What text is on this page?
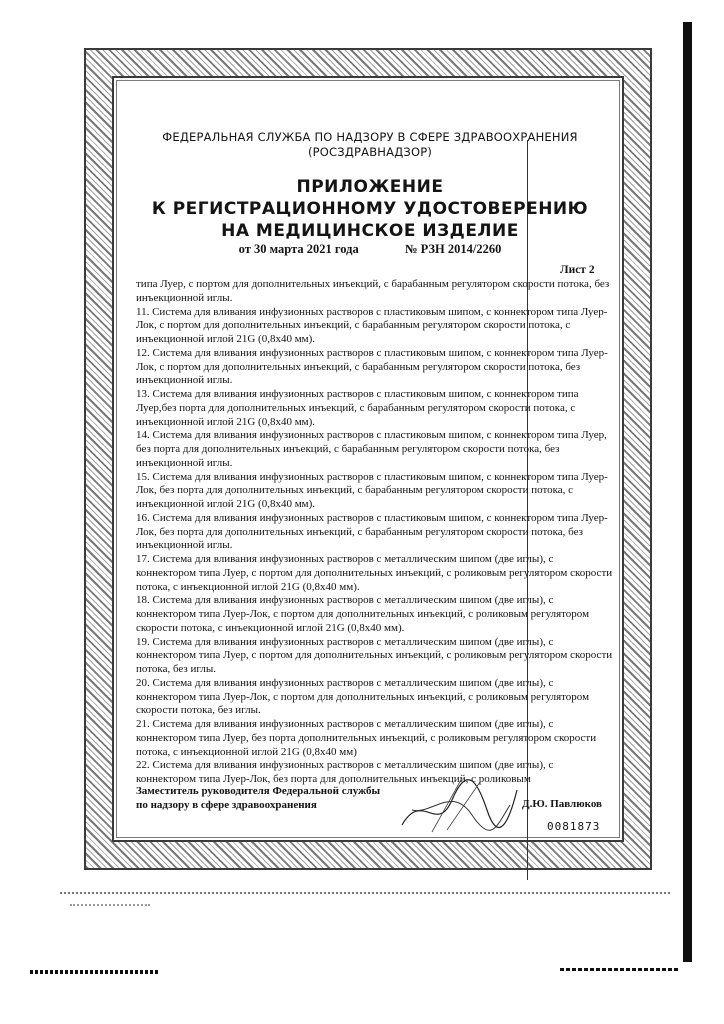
ФЕДЕРАЛЬНАЯ СЛУЖБА ПО НАДЗОРУ В СФЕРЕ ЗДРАВООХРАНЕНИЯ
(РОСЗДРАВНАДЗОР)
ПРИЛОЖЕНИЕ
К РЕГИСТРАЦИОННОМУ УДОСТОВЕРЕНИЮ
НА МЕДИЦИНСКОЕ ИЗДЕЛИЕ
от 30 марта 2021 года	№ РЗН 2014/2260
Лист 2

типа Луер, с портом для дополнительных инъекций, с барабанным регулятором скорости потока, без инъекционной иглы.

11. Система для вливания инфузионных растворов с пластиковым шипом, с коннектором типа Луер-Лок, с портом для дополнительных инъекций, с барабанным регулятором скорости потока, с инъекционной иглой 21G (0,8х40 мм).

12. Система для вливания инфузионных растворов с пластиковым шипом, с коннектором типа Луер-Лок, с портом для дополнительных инъекций, с барабанным регулятором скорости потока, без инъекционной иглы.

13. Система для вливания инфузионных растворов с пластиковым шипом, с коннектором типа Луер,без порта для дополнительных инъекций, с барабанным регулятором скорости потока, с инъекционной иглой 21G (0,8х40 мм).

14. Система для вливания инфузионных растворов с пластиковым шипом, с коннектором типа Луер, без порта для дополнительных инъекций, с барабанным регулятором скорости потока, без инъекционной иглы.

15. Система для вливания инфузионных растворов с пластиковым шипом, с коннектором типа Луер-Лок, без порта для дополнительных инъекций, с барабанным регулятором скорости потока, с инъекционной иглой 21G (0,8х40 мм).

16. Система для вливания инфузионных растворов с пластиковым шипом, с коннектором типа Луер-Лок, без порта для дополнительных инъекций, с барабанным регулятором скорости потока, без инъекционной иглы.

17. Система для вливания инфузионных растворов с металлическим шипом (две иглы), с коннектором типа Луер, с портом для дополнительных инъекций, с роликовым регулятором скорости потока, с инъекционной иглой 21G (0,8х40 мм).

18. Система для вливания инфузионных растворов с металлическим шипом (две иглы), с коннектором типа Луер-Лок, с портом для дополнительных инъекций, с роликовым регулятором скорости потока, с инъекционной иглой 21G (0,8х40 мм).

19. Система для вливания инфузионных растворов с металлическим шипом (две иглы), с коннектором типа Луер, с портом для дополнительных инъекций, с роликовым регулятором скорости потока, без иглы.

20. Система для вливания инфузионных растворов с металлическим шипом (две иглы), с коннектором типа Луер-Лок, с портом для дополнительных инъекций, с роликовым регулятором скорости потока, без иглы.

21. Система для вливания инфузионных растворов с металлическим шипом (две иглы), с коннектором типа Луер, без порта дополнительных инъекций, с роликовым регулятором скорости потока, с инъекционной иглой 21G (0,8х40 мм)

22. Система для вливания инфузионных растворов с металлическим шипом (две иглы), с коннектором типа Луер-Лок, без порта для дополнительных инъекций, с роликовым

Заместитель руководителя Федеральной службы
по надзору в сфере здравоохранения	Д.Ю. Павлюков
0081873
